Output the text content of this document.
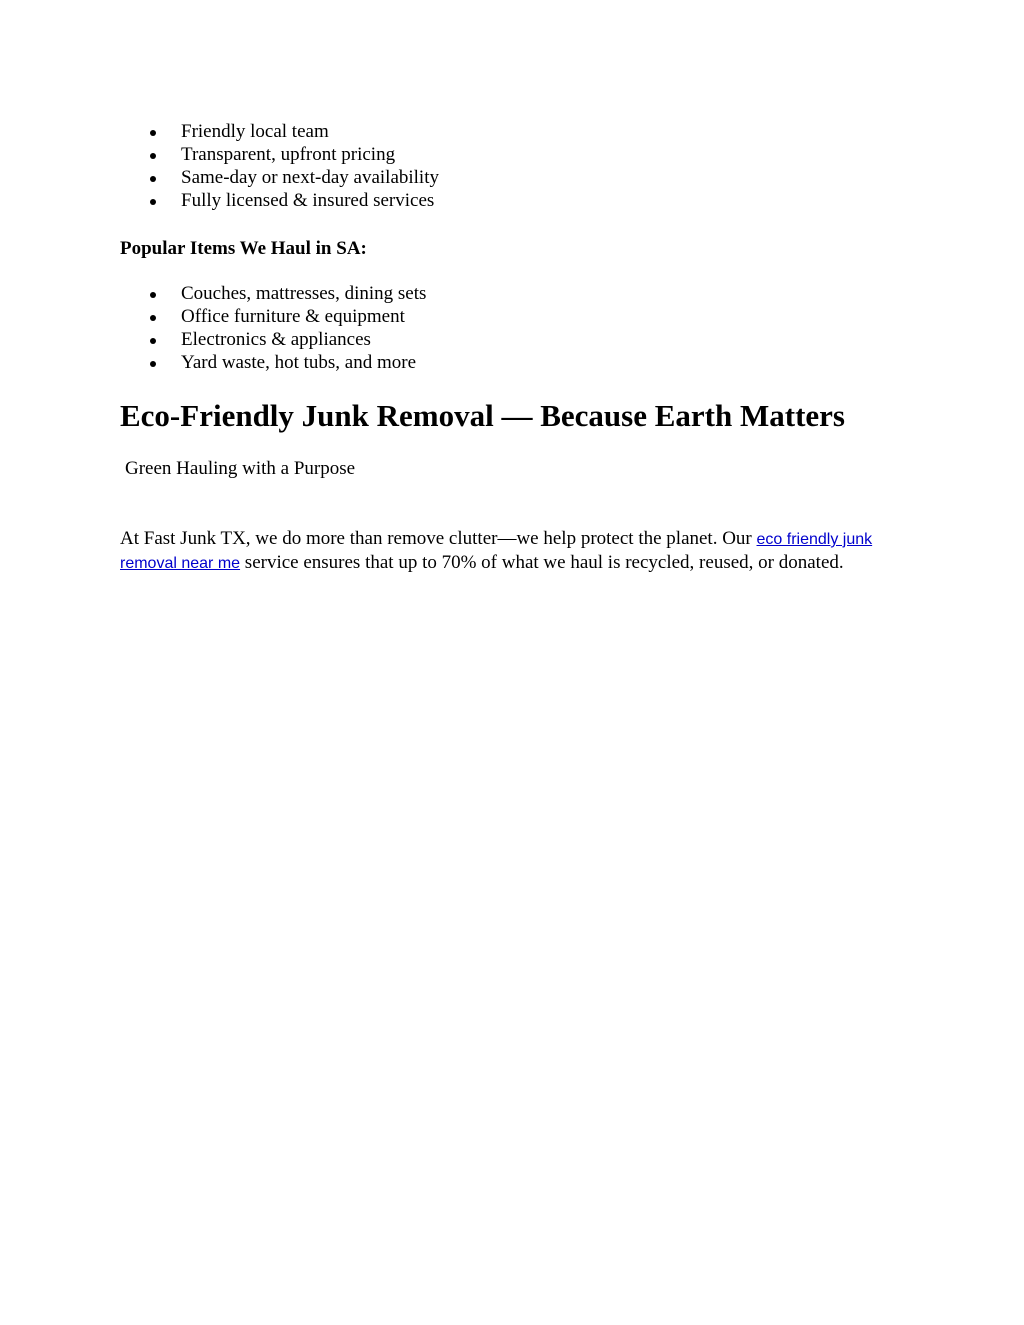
Friendly local team
Transparent, upfront pricing
Same-day or next-day availability
Fully licensed & insured services

Popular Items We Haul in SA:

Couches, mattresses, dining sets
Office furniture & equipment
Electronics & appliances
Yard waste, hot tubs, and more
Eco-Friendly Junk Removal — Because Earth Matters

Green Hauling with a Purpose

At Fast Junk TX, we do more than remove clutter—we help protect the planet. Our eco friendly junk removal near me service ensures that up to 70% of what we haul is recycled, reused, or donated.
